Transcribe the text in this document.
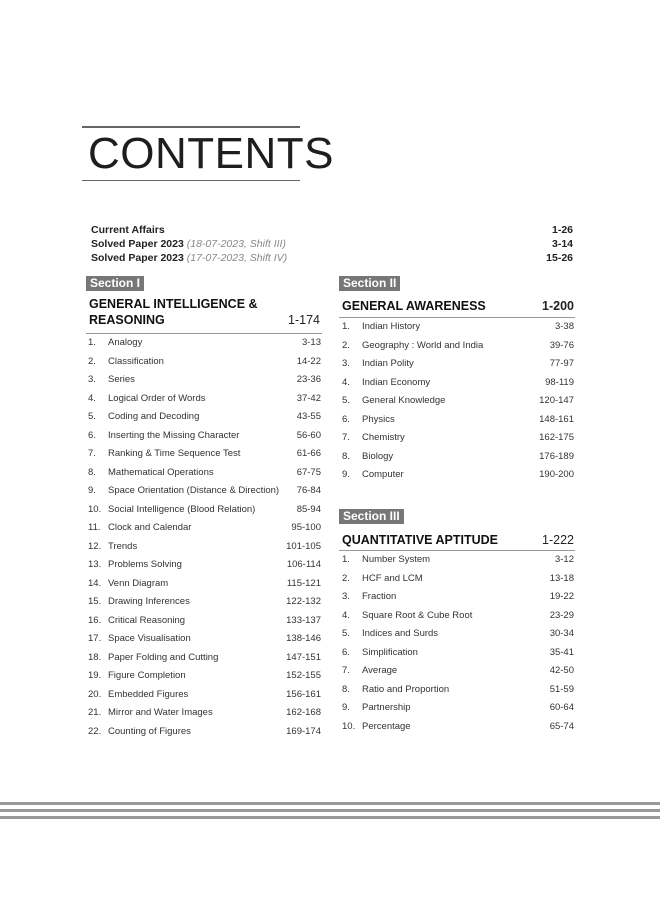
CONTENTS
Current Affairs	1-26
Solved Paper 2023 (18-07-2023, Shift III)	3-14
Solved Paper 2023 (17-07-2023, Shift IV)	15-26
Section I
GENERAL INTELLIGENCE &
REASONING	1-174
1. Analogy	3-13
2. Classification	14-22
3. Series	23-36
4. Logical Order of Words	37-42
5. Coding and Decoding	43-55
6. Inserting the Missing Character	56-60
7. Ranking & Time Sequence Test	61-66
8. Mathematical Operations	67-75
9. Space Orientation (Distance & Direction) 76-84
10. Social Intelligence (Blood Relation)	85-94
11. Clock and Calendar	95-100
12. Trends	101-105
13. Problems Solving	106-114
14. Venn Diagram	115-121
15. Drawing Inferences	122-132
16. Critical Reasoning	133-137
17. Space Visualisation	138-146
18. Paper Folding and Cutting	147-151
19. Figure Completion	152-155
20. Embedded Figures	156-161
21. Mirror and Water Images	162-168
22. Counting of Figures	169-174
Section II
GENERAL AWARENESS	1-200
1. Indian History	3-38
2. Geography : World and India	39-76
3. Indian Polity	77-97
4. Indian Economy	98-119
5. General Knowledge	120-147
6. Physics	148-161
7. Chemistry	162-175
8. Biology	176-189
9. Computer	190-200
Section III
QUANTITATIVE APTITUDE	1-222
1. Number System	3-12
2. HCF and LCM	13-18
3. Fraction	19-22
4. Square Root & Cube Root	23-29
5. Indices and Surds	30-34
6. Simplification	35-41
7. Average	42-50
8. Ratio and Proportion	51-59
9. Partnership	60-64
10. Percentage	65-74
